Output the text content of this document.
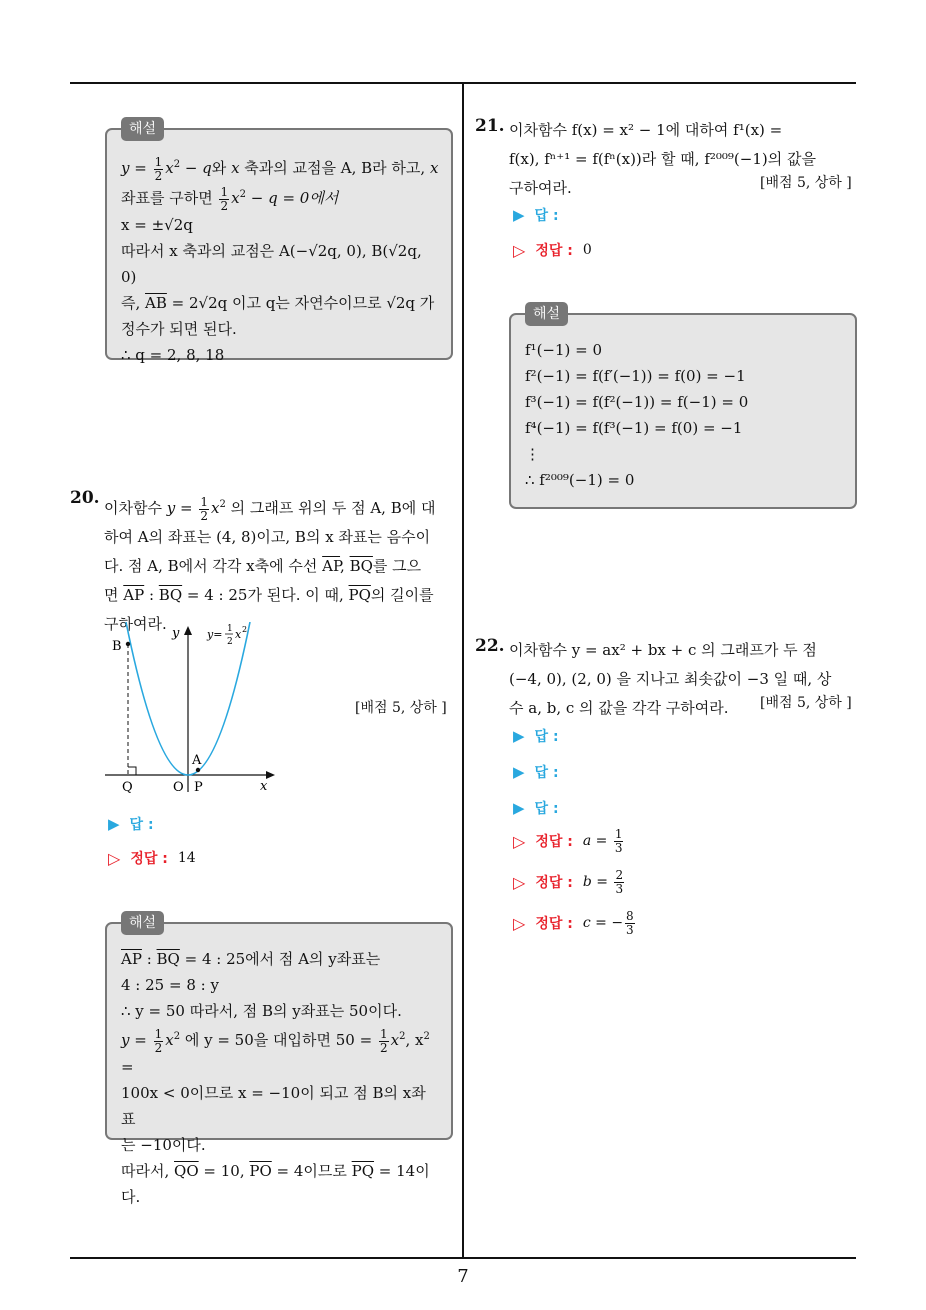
해설
$y = \frac{1}{2} x^2 - q$와 x 축과의 교점을 A, B라 하고, x
좌표를 구하면 $\frac{1}{2} x^2 - q = 0$에서
x = ±√2q
따라서 x 축과의 교점은 A(−√2q, 0), B(√2q, 0)
즉, $\overline{AB} = 2√2q$ 이고 q는 자연수이므로 √2q 가
정수가 되면 된다.
∴ q = 2, 8, 18
20. 이차함수 $y = \frac{1}{2} x^2$ 의 그래프 위의 두 점 A, B에 대
하여 A의 좌표는 (4, 8)이고, B의 x 좌표는 음수이
다. 점 A, B에서 각각 x축에 수선 $\overline{AP}$, $\overline{BQ}$를 그으
면 $\overline{AP}$ : $\overline{BQ} = 4$ : 25가 된다. 이 때, $\overline{PQ}$의 길이를
구하여라.
y
x
B
A
Q	O P
y= 1
2
x 2
[배점 5, 상하 ]
▶ 답 :
▷ 정답 : 14
해설
$\overline{AP}$ : $\overline{BQ} = 4$ : 25에서 점 A의 y좌표는
4 : 25 = 8 : y
∴ y = 50 따라서, 점 B의 y좌표는 50이다.
$y = \frac{1}{2} x^2$ 에 y = 50을 대입하면 $50 = \frac{1}{2} x^2$, $x^2$ =
100x < 0이므로 x = −10이 되고 점 B의 x좌표
는 −10이다.
따라서, $\overline{QO} = 10$, $\overline{PO} = 4$이므로 $\overline{PQ} = 14$이다.
21. 이차함수 f(x) = x² − 1에 대하여 f¹(x) =
f(x), fⁿ⁺¹ = f(fⁿ(x))라 할 때, f²⁰⁰⁹(−1)의 값을
구하여라.	[배점 5, 상하 ]
▶ 답 :
▷ 정답 : 0
해설
f¹(−1) = 0
f²(−1) = f(f′(−1)) = f(0) = −1
f³(−1) = f(f²(−1)) = f(−1) = 0
f⁴(−1) = f(f³(−1) = f(0) = −1
⋮
∴ f²⁰⁰⁹(−1) = 0
22. 이차함수 y = ax² + bx + c 의 그래프가 두 점
(−4, 0), (2, 0) 을 지나고 최솟값이 −3 일 때, 상
수 a, b, c 의 값을 각각 구하여라.	[배점 5, 상하 ]
▶ 답 :
▶ 답 :
▶ 답 :
▷ 정답 : $a = \frac{1}{3}$
▷ 정답 : $b = \frac{2}{3}$
▷ 정답 : c = − $\frac{8}{3}$
7
